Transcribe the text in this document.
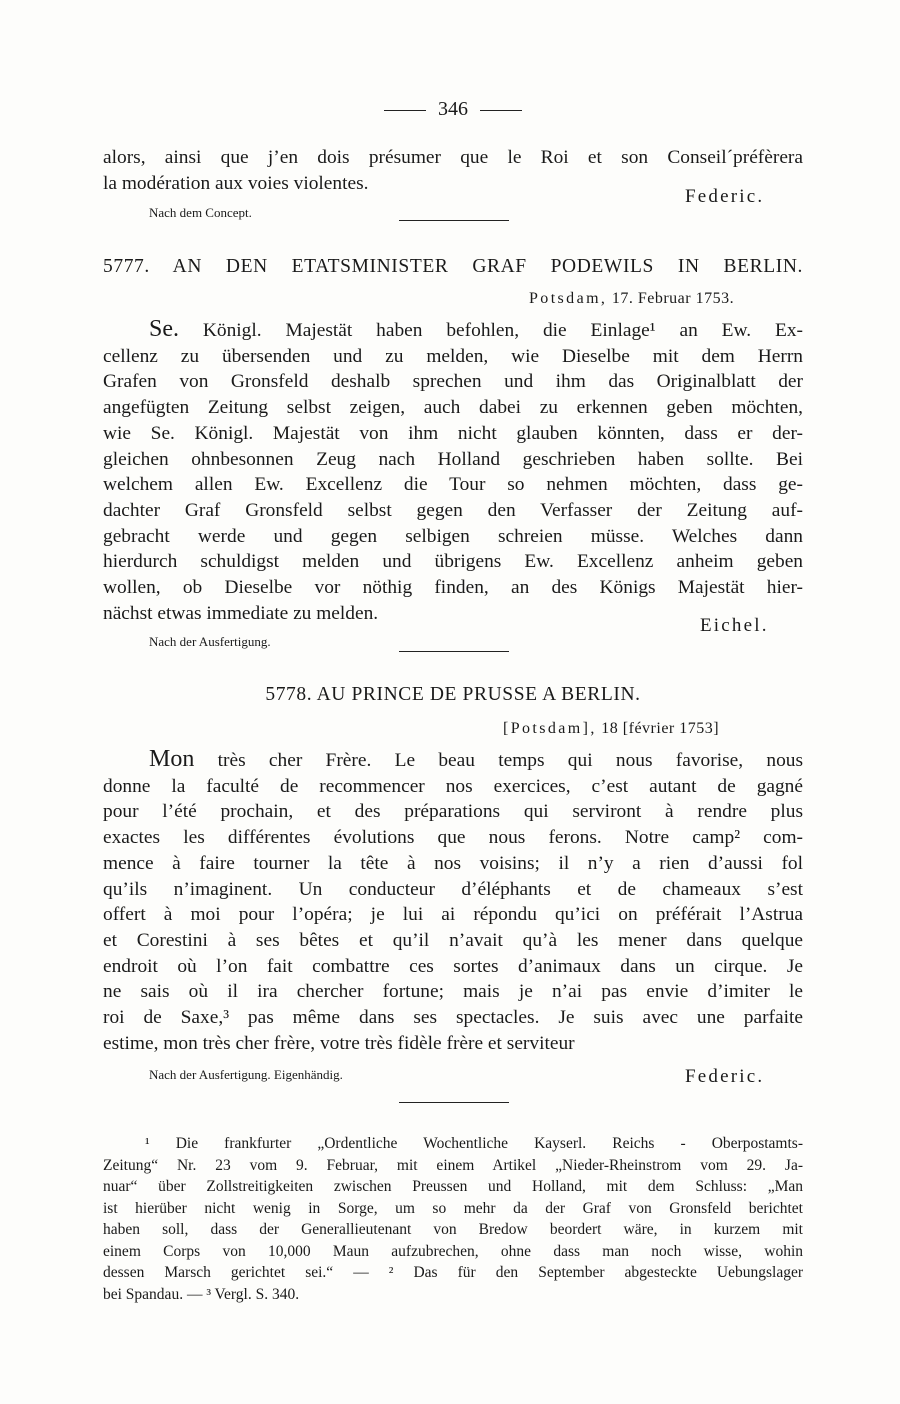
346
alors, ainsi que j’en dois présumer que le Roi et son Conseil´préfèrera
la modération aux voies violentes.
Federic.
Nach dem Concept.
5777. AN DEN ETATSMINISTER GRAF PODEWILS IN BERLIN.
Potsdam, 17. Februar 1753.
Se. Königl. Majestät haben befohlen, die Einlage¹ an Ew. Ex-
cellenz zu übersenden und zu melden, wie Dieselbe mit dem Herrn
Grafen von Gronsfeld deshalb sprechen und ihm das Originalblatt der
angefügten Zeitung selbst zeigen, auch dabei zu erkennen geben möchten,
wie Se. Königl. Majestät von ihm nicht glauben könnten, dass er der-
gleichen ohnbesonnen Zeug nach Holland geschrieben haben sollte. Bei
welchem allen Ew. Excellenz die Tour so nehmen möchten, dass ge-
dachter Graf Gronsfeld selbst gegen den Verfasser der Zeitung auf-
gebracht werde und gegen selbigen schreien müsse. Welches dann
hierdurch schuldigst melden und übrigens Ew. Excellenz anheim geben
wollen, ob Dieselbe vor nöthig finden, an des Königs Majestät hier-
nächst etwas immediate zu melden.
Eichel.
Nach der Ausfertigung.
5778. AU PRINCE DE PRUSSE A BERLIN.
[Potsdam], 18 [février 1753]
Mon très cher Frère. Le beau temps qui nous favorise, nous
donne la faculté de recommencer nos exercices, c’est autant de gagné
pour l’été prochain, et des préparations qui serviront à rendre plus
exactes les différentes évolutions que nous ferons. Notre camp² com-
mence à faire tourner la tête à nos voisins; il n’y a rien d’aussi fol
qu’ils n’imaginent. Un conducteur d’éléphants et de chameaux s’est
offert à moi pour l’opéra; je lui ai répondu qu’ici on préférait l’Astrua
et Corestini à ses bêtes et qu’il n’avait qu’à les mener dans quelque
endroit où l’on fait combattre ces sortes d’animaux dans un cirque. Je
ne sais où il ira chercher fortune; mais je n’ai pas envie d’imiter le
roi de Saxe,³ pas même dans ses spectacles. Je suis avec une parfaite
estime, mon très cher frère, votre très fidèle frère et serviteur
Nach der Ausfertigung. Eigenhändig.	Federic.
¹ Die frankfurter „Ordentliche Wochentliche Kayserl. Reichs - Oberpostamts-
Zeitung“ Nr. 23 vom 9. Februar, mit einem Artikel „Nieder-Rheinstrom vom 29. Ja-
nuar“ über Zollstreitigkeiten zwischen Preussen und Holland, mit dem Schluss: „Man
ist hierüber nicht wenig in Sorge, um so mehr da der Graf von Gronsfeld berichtet
haben soll, dass der Generallieutenant von Bredow beordert wäre, in kurzem mit
einem Corps von 10,000 Maun aufzubrechen, ohne dass man noch wisse, wohin
dessen Marsch gerichtet sei.“ — ² Das für den September abgesteckte Uebungslager
bei Spandau. — ³ Vergl. S. 340.
